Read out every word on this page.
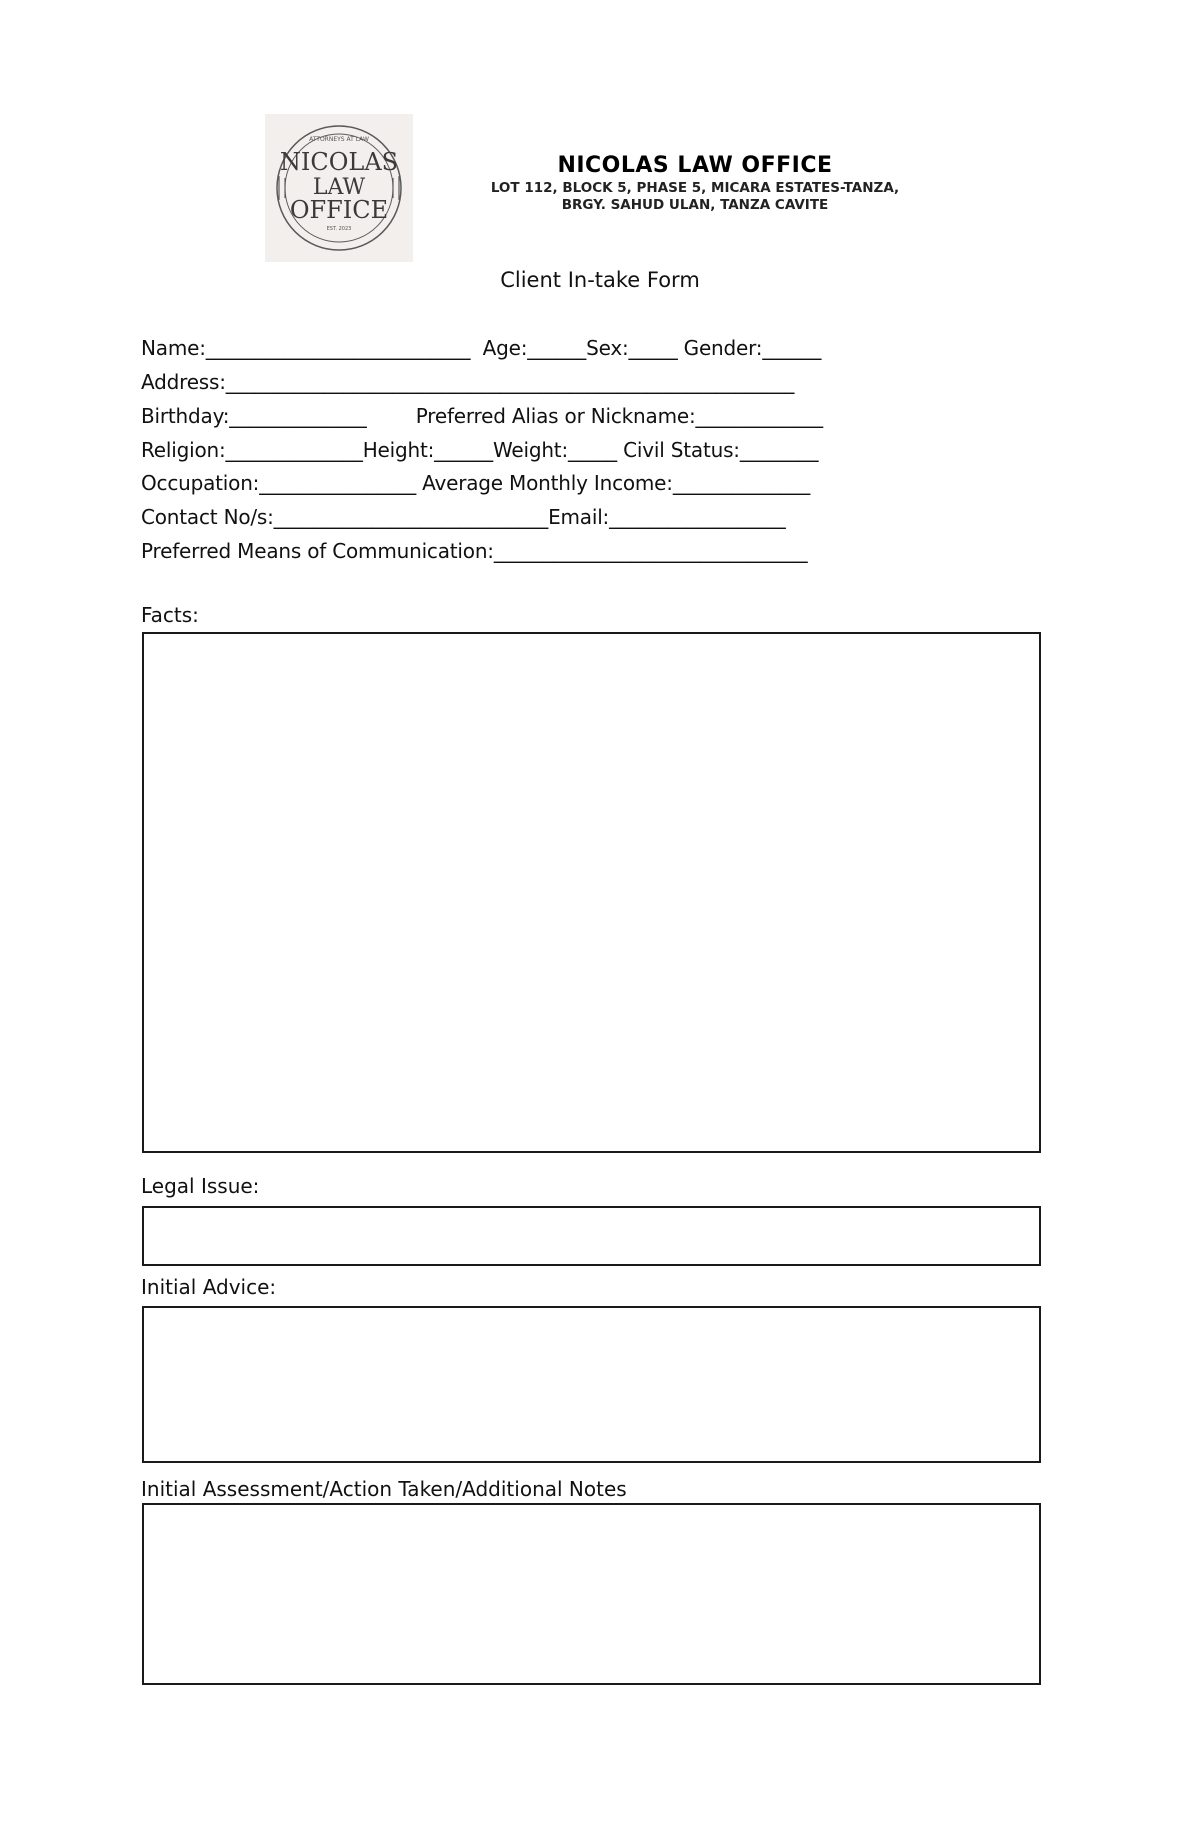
ATTORNEYS AT LAW
NICOLAS
LAW
OFFICE
EST. 2023
NICOLAS LAW OFFICE
LOT 112, BLOCK 5, PHASE 5, MICARA ESTATES-TANZA,
BRGY. SAHUD ULAN, TANZA CAVITE
Client In-take Form
Name:___________________________  Age:______Sex:_____ Gender:______
Address:__________________________________________________________
Birthday:______________        Preferred Alias or Nickname:_____________
Religion:______________Height:______Weight:_____ Civil Status:________
Occupation:________________ Average Monthly Income:______________
Contact No/s:____________________________Email:__________________
Preferred Means of Communication:________________________________
Facts:
Legal Issue:
Initial Advice:
Initial Assessment/Action Taken/Additional Notes
